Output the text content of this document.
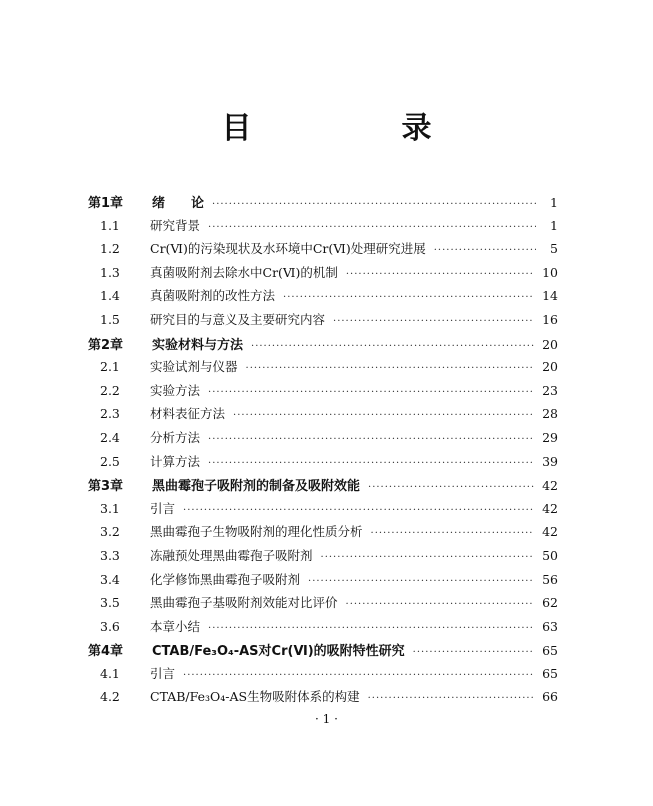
目　录
第1章	绪　　论 ·····	1
1.1	研究背景 ·····	1
1.2	Cr(Ⅵ)的污染现状及水环境中Cr(Ⅵ)处理研究进展 ·····	5
1.3	真菌吸附剂去除水中Cr(Ⅵ)的机制 ·····	10
1.4	真菌吸附剂的改性方法 ·····	14
1.5	研究目的与意义及主要研究内容 ·····	16
第2章	实验材料与方法 ·····	20
2.1	实验试剂与仪器 ·····	20
2.2	实验方法 ·····	23
2.3	材料表征方法 ·····	28
2.4	分析方法 ·····	29
2.5	计算方法 ·····	39
第3章	黑曲霉孢子吸附剂的制备及吸附效能 ·····	42
3.1	引言 ·····	42
3.2	黑曲霉孢子生物吸附剂的理化性质分析 ·····	42
3.3	冻融预处理黑曲霉孢子吸附剂 ·····	50
3.4	化学修饰黑曲霉孢子吸附剂 ·····	56
3.5	黑曲霉孢子基吸附剂效能对比评价 ·····	62
3.6	本章小结 ·····	63
第4章	CTAB/Fe₃O₄-AS对Cr(Ⅵ)的吸附特性研究 ·····	65
4.1	引言 ·····	65
4.2	CTAB/Fe₃O₄-AS生物吸附体系的构建 ·····	66
· 1 ·
